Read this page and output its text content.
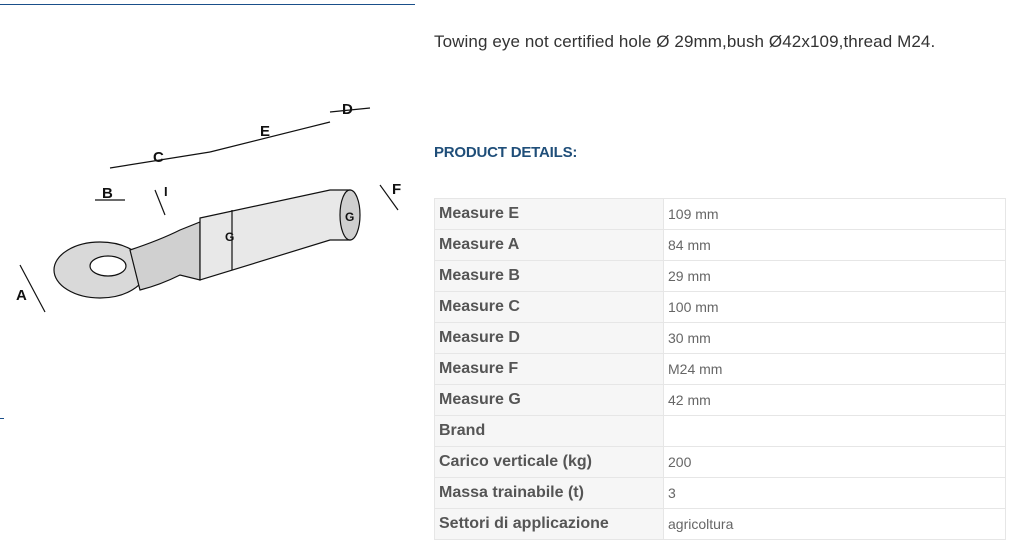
A
B
C
E
D
F
I
G
G
Towing eye not certified hole Ø 29mm,bush Ø42x109,thread M24.
PRODUCT DETAILS:
Measure E	109 mm
Measure A	84 mm
Measure B	29 mm
Measure C	100 mm
Measure D	30 mm
Measure F	M24 mm
Measure G	42 mm
Brand	
Carico verticale (kg)	200
Massa trainabile (t)	3
Settori di applicazione	agricoltura
